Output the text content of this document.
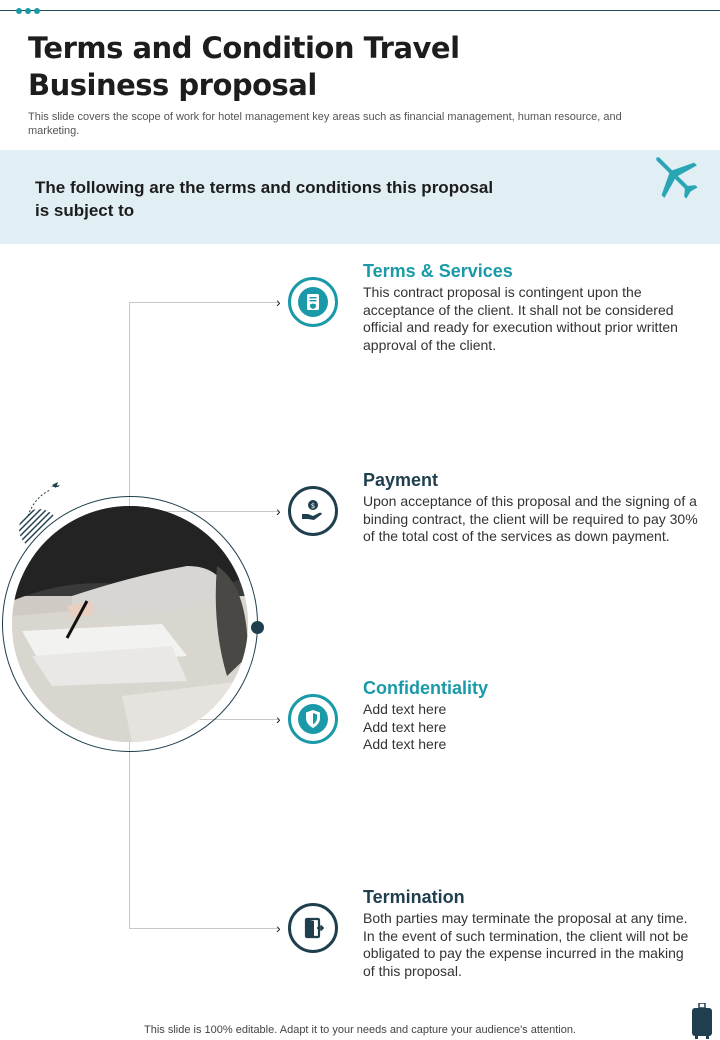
Terms and Condition Travel Business proposal

This slide covers the scope of work for hotel management key areas such as financial management, human resource, and marketing.

The following are the terms and conditions this proposal is subject to
›
›
›
›
$
Terms & Services
This contract proposal is contingent upon the acceptance of the client. It shall not be considered official and ready for execution without prior written approval of the client.
Payment
Upon acceptance of this proposal and the signing of a binding contract, the client will be required to pay 30% of the total cost of the services as down payment.
Confidentiality
Add text here
Add text here
Add text here
Termination
Both parties may terminate the proposal at any time. In the event of such termination, the client will not be obligated to pay the expense incurred in the making of this proposal.
This slide is 100% editable. Adapt it to your needs and capture your audience's attention.
